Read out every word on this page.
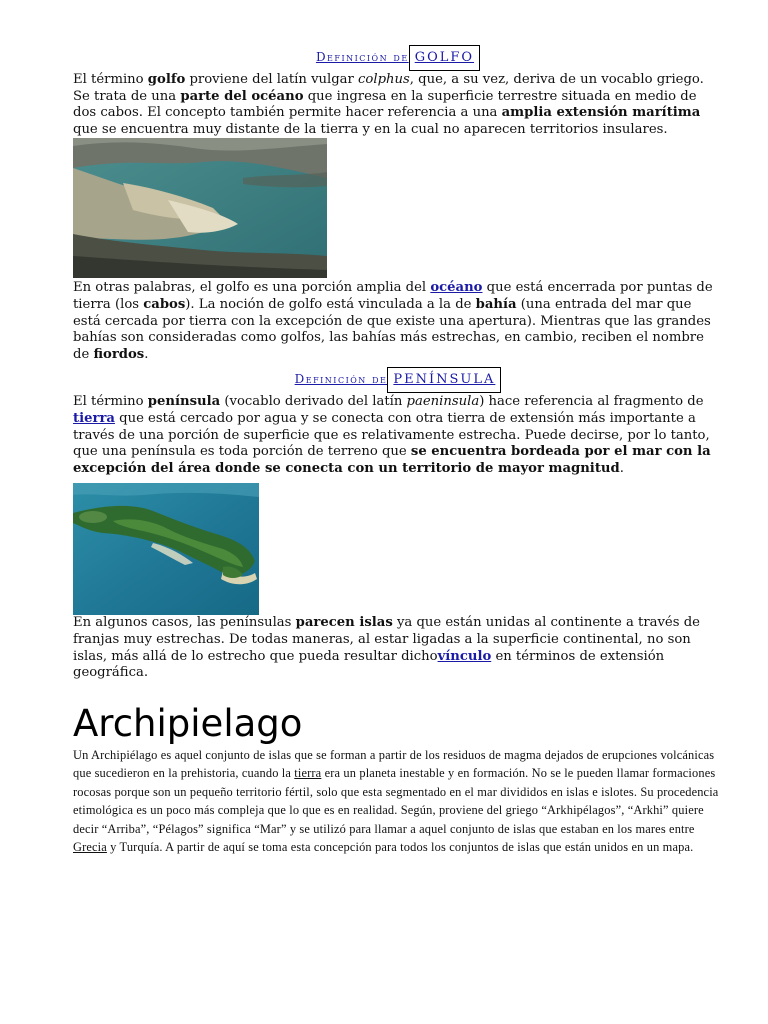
Definición de GOLFO

El término golfo proviene del latín vulgar colphus, que, a su vez, deriva de un vocablo griego. Se trata de una parte del océano que ingresa en la superficie terrestre situada en medio de dos cabos. El concepto también permite hacer referencia a una amplia extensión marítima que se encuentra muy distante de la tierra y en la cual no aparecen territorios insulares.

En otras palabras, el golfo es una porción amplia del océano que está encerrada por puntas de tierra (los cabos). La noción de golfo está vinculada a la de bahía (una entrada del mar que está cercada por tierra con la excepción de que existe una apertura). Mientras que las grandes bahías son consideradas como golfos, las bahías más estrechas, en cambio, reciben el nombre de fiordos.

Definición de PENÍNSULA

El término península (vocablo derivado del latín paeninsula) hace referencia al fragmento de tierra que está cercado por agua y se conecta con otra tierra de extensión más importante a través de una porción de superficie que es relativamente estrecha. Puede decirse, por lo tanto, que una península es toda porción de terreno que se encuentra bordeada por el mar con la excepción del área donde se conecta con un territorio de mayor magnitud.

En algunos casos, las penínsulas parecen islas ya que están unidas al continente a través de franjas muy estrechas. De todas maneras, al estar ligadas a la superficie continental, no son islas, más allá de lo estrecho que pueda resultar dichovínculo en términos de extensión geográfica.

Archipielago

Un Archipiélago es aquel conjunto de islas que se forman a partir de los residuos de magma dejados de erupciones volcánicas que sucedieron en la prehistoria, cuando la tierra era un planeta inestable y en formación. No se le pueden llamar formaciones rocosas porque son un pequeño territorio fértil, solo que esta segmentado en el mar divididos en islas e islotes. Su procedencia etimológica es un poco más compleja que lo que es en realidad. Según, proviene del griego “Arkhipélagos”, “Arkhi” quiere decir “Arriba”, “Pélagos” significa “Mar” y se utilizó para llamar a aquel conjunto de islas que estaban en los mares entre Grecia y Turquía. A partir de aquí se toma esta concepción para todos los conjuntos de islas que están unidos en un mapa.
